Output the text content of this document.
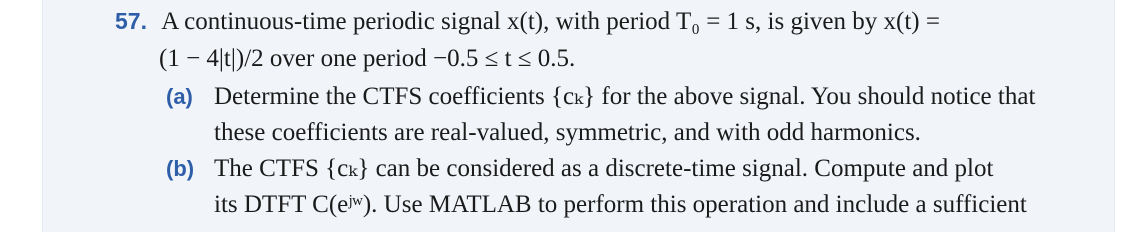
57. A continuous-time periodic signal x(t), with period T₀ = 1 s, is given by x(t) =
(1 − 4|t|)/2 over one period −0.5 ≤ t ≤ 0.5.
(a) Determine the CTFS coefficients {cₖ} for the above signal. You should notice that
these coefficients are real-valued, symmetric, and with odd harmonics.
(b) The CTFS {cₖ} can be considered as a discrete-time signal. Compute and plot
its DTFT C(eʲʷ). Use MATLAB to perform this operation and include a sufficient
